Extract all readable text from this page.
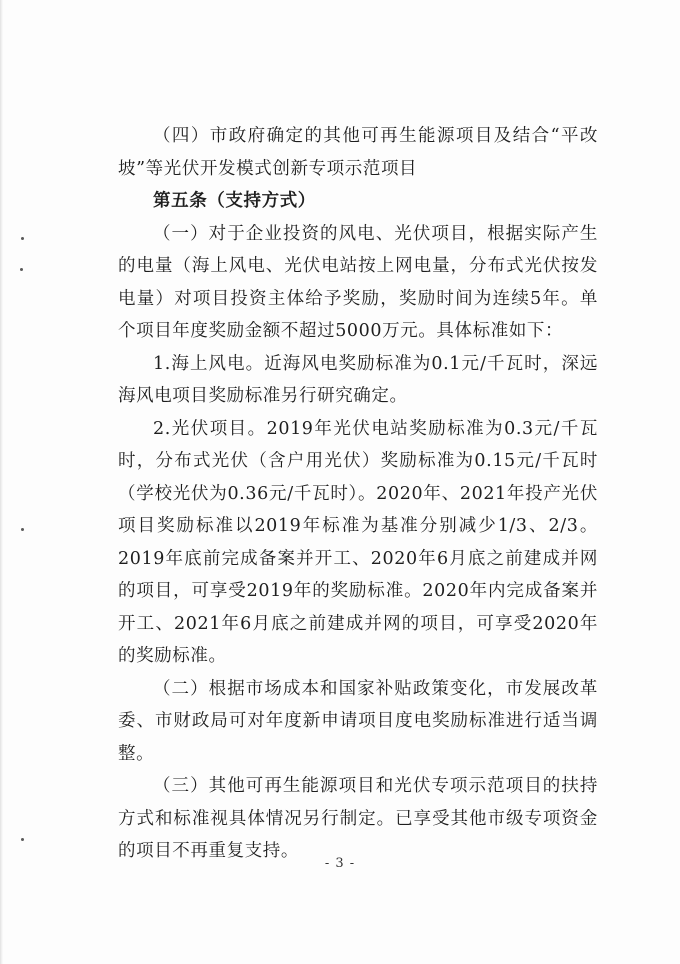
（四）市政府确定的其他可再生能源项目及结合“平改坡”等光伏开发模式创新专项示范项目

第五条（支持方式）

（一）对于企业投资的风电、光伏项目，根据实际产生的电量（海上风电、光伏电站按上网电量，分布式光伏按发电量）对项目投资主体给予奖励，奖励时间为连续5年。单个项目年度奖励金额不超过5000万元。具体标准如下：

1.海上风电。近海风电奖励标准为0.1元/千瓦时，深远海风电项目奖励标准另行研究确定。

2.光伏项目。2019年光伏电站奖励标准为0.3元/千瓦时，分布式光伏（含户用光伏）奖励标准为0.15元/千瓦时（学校光伏为0.36元/千瓦时）。2020年、2021年投产光伏项目奖励标准以2019年标准为基准分别减少1/3、2/3。2019年底前完成备案并开工、2020年6月底之前建成并网的项目，可享受2019年的奖励标准。2020年内完成备案并开工、2021年6月底之前建成并网的项目，可享受2020年的奖励标准。

（二）根据市场成本和国家补贴政策变化，市发展改革委、市财政局可对年度新申请项目度电奖励标准进行适当调整。

（三）其他可再生能源项目和光伏专项示范项目的扶持方式和标准视具体情况另行制定。已享受其他市级专项资金的项目不再重复支持。

- 3 -
